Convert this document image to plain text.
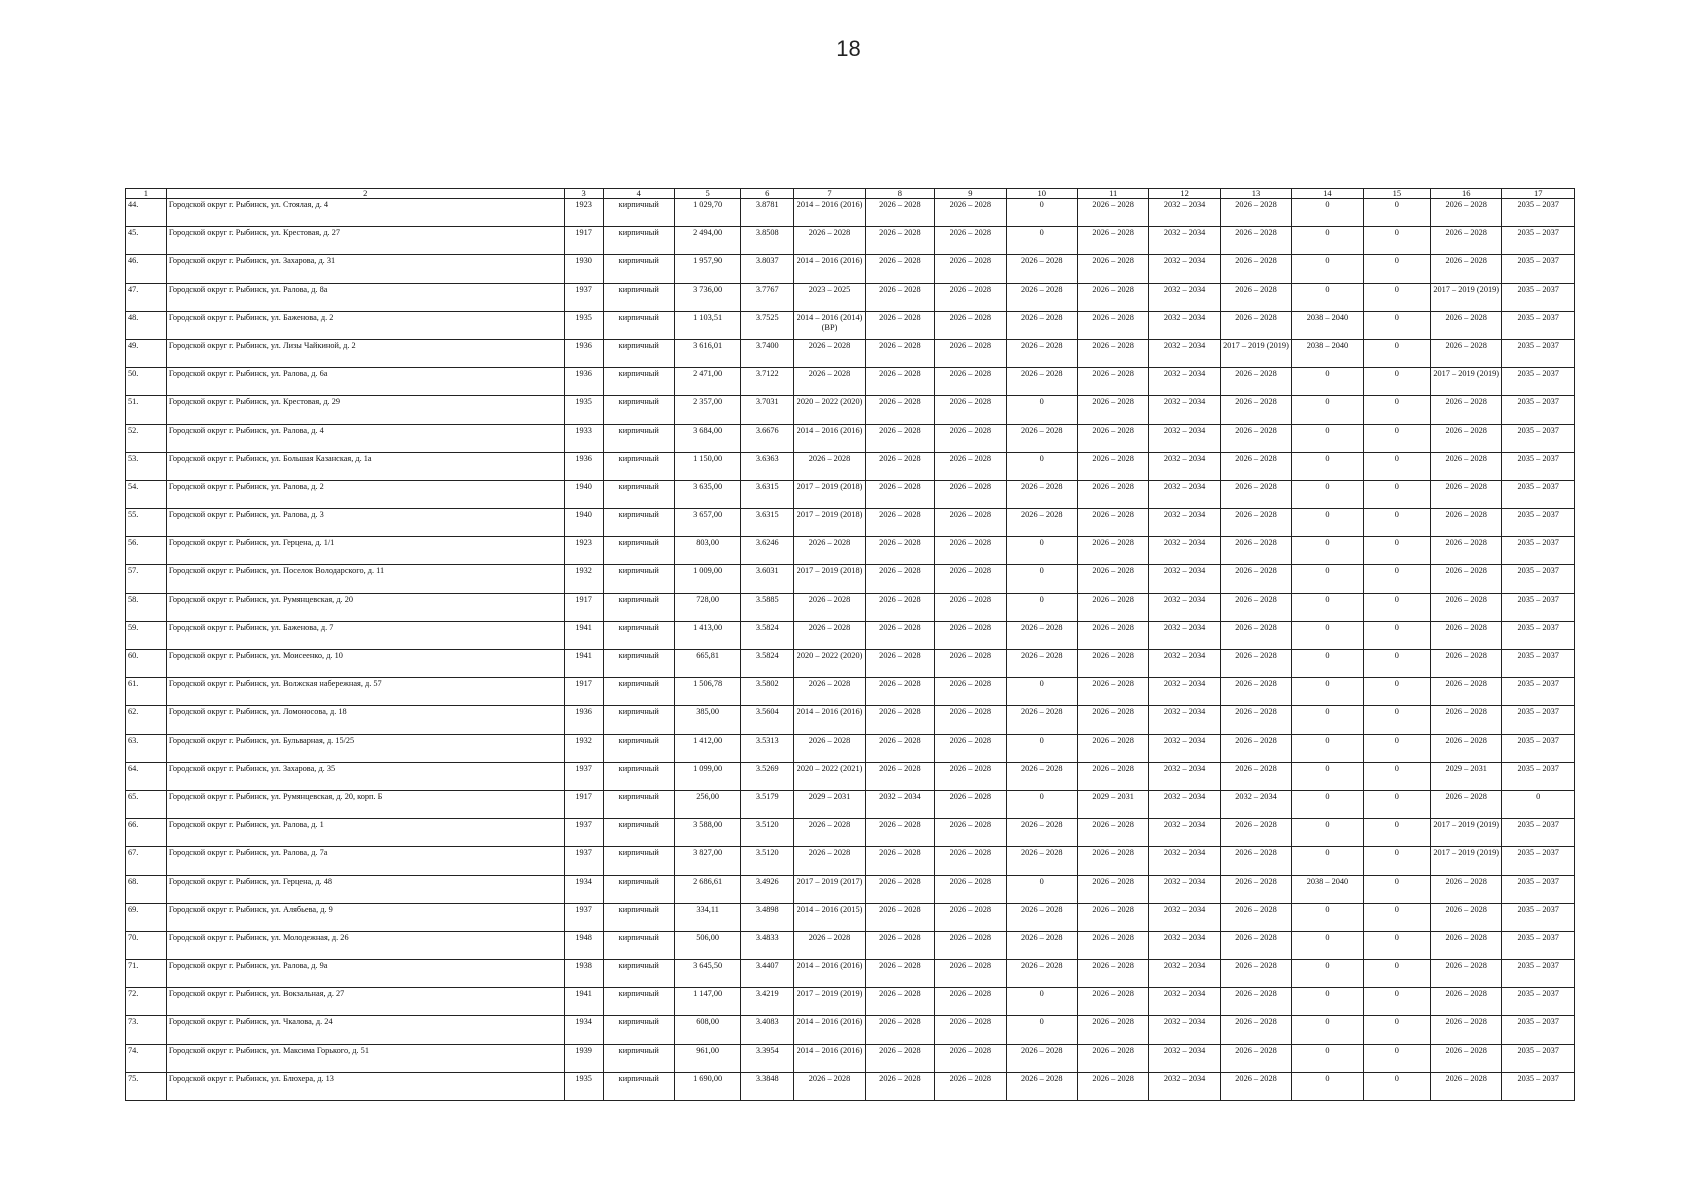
18
1	2	3	4	5	6	7	8	9	10	11	12	13	14	15	16	17
44.	Городской округ г. Рыбинск, ул. Стоялая, д. 4	1923	кирпичный	1 029,70	3.8781	2014 – 2016 (2016)	2026 – 2028	2026 – 2028	0	2026 – 2028	2032 – 2034	2026 – 2028	0	0	2026 – 2028	2035 – 2037
45.	Городской округ г. Рыбинск, ул. Крестовая, д. 27	1917	кирпичный	2 494,00	3.8508	2026 – 2028	2026 – 2028	2026 – 2028	0	2026 – 2028	2032 – 2034	2026 – 2028	0	0	2026 – 2028	2035 – 2037
46.	Городской округ г. Рыбинск, ул. Захарова, д. 31	1930	кирпичный	1 957,90	3.8037	2014 – 2016 (2016)	2026 – 2028	2026 – 2028	2026 – 2028	2026 – 2028	2032 – 2034	2026 – 2028	0	0	2026 – 2028	2035 – 2037
47.	Городской округ г. Рыбинск, ул. Ралова, д. 8а	1937	кирпичный	3 736,00	3.7767	2023 – 2025	2026 – 2028	2026 – 2028	2026 – 2028	2026 – 2028	2032 – 2034	2026 – 2028	0	0	2017 – 2019 (2019)	2035 – 2037
48.	Городской округ г. Рыбинск, ул. Баженова, д. 2	1935	кирпичный	1 103,51	3.7525	2014 – 2016 (2014) (ВР)	2026 – 2028	2026 – 2028	2026 – 2028	2026 – 2028	2032 – 2034	2026 – 2028	2038 – 2040	0	2026 – 2028	2035 – 2037
49.	Городской округ г. Рыбинск, ул. Лизы Чайкиной, д. 2	1936	кирпичный	3 616,01	3.7400	2026 – 2028	2026 – 2028	2026 – 2028	2026 – 2028	2026 – 2028	2032 – 2034	2017 – 2019 (2019)	2038 – 2040	0	2026 – 2028	2035 – 2037
50.	Городской округ г. Рыбинск, ул. Ралова, д. 6а	1936	кирпичный	2 471,00	3.7122	2026 – 2028	2026 – 2028	2026 – 2028	2026 – 2028	2026 – 2028	2032 – 2034	2026 – 2028	0	0	2017 – 2019 (2019)	2035 – 2037
51.	Городской округ г. Рыбинск, ул. Крестовая, д. 29	1935	кирпичный	2 357,00	3.7031	2020 – 2022 (2020)	2026 – 2028	2026 – 2028	0	2026 – 2028	2032 – 2034	2026 – 2028	0	0	2026 – 2028	2035 – 2037
52.	Городской округ г. Рыбинск, ул. Ралова, д. 4	1933	кирпичный	3 684,00	3.6676	2014 – 2016 (2016)	2026 – 2028	2026 – 2028	2026 – 2028	2026 – 2028	2032 – 2034	2026 – 2028	0	0	2026 – 2028	2035 – 2037
53.	Городской округ г. Рыбинск, ул. Большая Казанская, д. 1а	1936	кирпичный	1 150,00	3.6363	2026 – 2028	2026 – 2028	2026 – 2028	0	2026 – 2028	2032 – 2034	2026 – 2028	0	0	2026 – 2028	2035 – 2037
54.	Городской округ г. Рыбинск, ул. Ралова, д. 2	1940	кирпичный	3 635,00	3.6315	2017 – 2019 (2018)	2026 – 2028	2026 – 2028	2026 – 2028	2026 – 2028	2032 – 2034	2026 – 2028	0	0	2026 – 2028	2035 – 2037
55.	Городской округ г. Рыбинск, ул. Ралова, д. 3	1940	кирпичный	3 657,00	3.6315	2017 – 2019 (2018)	2026 – 2028	2026 – 2028	2026 – 2028	2026 – 2028	2032 – 2034	2026 – 2028	0	0	2026 – 2028	2035 – 2037
56.	Городской округ г. Рыбинск, ул. Герцена, д. 1/1	1923	кирпичный	803,00	3.6246	2026 – 2028	2026 – 2028	2026 – 2028	0	2026 – 2028	2032 – 2034	2026 – 2028	0	0	2026 – 2028	2035 – 2037
57.	Городской округ г. Рыбинск, ул. Поселок Володарского, д. 11	1932	кирпичный	1 009,00	3.6031	2017 – 2019 (2018)	2026 – 2028	2026 – 2028	0	2026 – 2028	2032 – 2034	2026 – 2028	0	0	2026 – 2028	2035 – 2037
58.	Городской округ г. Рыбинск, ул. Румянцевская, д. 20	1917	кирпичный	728,00	3.5885	2026 – 2028	2026 – 2028	2026 – 2028	0	2026 – 2028	2032 – 2034	2026 – 2028	0	0	2026 – 2028	2035 – 2037
59.	Городской округ г. Рыбинск, ул. Баженова, д. 7	1941	кирпичный	1 413,00	3.5824	2026 – 2028	2026 – 2028	2026 – 2028	2026 – 2028	2026 – 2028	2032 – 2034	2026 – 2028	0	0	2026 – 2028	2035 – 2037
60.	Городской округ г. Рыбинск, ул. Моисеенко, д. 10	1941	кирпичный	665,81	3.5824	2020 – 2022 (2020)	2026 – 2028	2026 – 2028	2026 – 2028	2026 – 2028	2032 – 2034	2026 – 2028	0	0	2026 – 2028	2035 – 2037
61.	Городской округ г. Рыбинск, ул. Волжская набережная, д. 57	1917	кирпичный	1 506,78	3.5802	2026 – 2028	2026 – 2028	2026 – 2028	0	2026 – 2028	2032 – 2034	2026 – 2028	0	0	2026 – 2028	2035 – 2037
62.	Городской округ г. Рыбинск, ул. Ломоносова, д. 18	1936	кирпичный	385,00	3.5604	2014 – 2016 (2016)	2026 – 2028	2026 – 2028	2026 – 2028	2026 – 2028	2032 – 2034	2026 – 2028	0	0	2026 – 2028	2035 – 2037
63.	Городской округ г. Рыбинск, ул. Бульварная, д. 15/25	1932	кирпичный	1 412,00	3.5313	2026 – 2028	2026 – 2028	2026 – 2028	0	2026 – 2028	2032 – 2034	2026 – 2028	0	0	2026 – 2028	2035 – 2037
64.	Городской округ г. Рыбинск, ул. Захарова, д. 35	1937	кирпичный	1 099,00	3.5269	2020 – 2022 (2021)	2026 – 2028	2026 – 2028	2026 – 2028	2026 – 2028	2032 – 2034	2026 – 2028	0	0	2029 – 2031	2035 – 2037
65.	Городской округ г. Рыбинск, ул. Румянцевская, д. 20, корп. Б	1917	кирпичный	256,00	3.5179	2029 – 2031	2032 – 2034	2026 – 2028	0	2029 – 2031	2032 – 2034	2032 – 2034	0	0	2026 – 2028	0
66.	Городской округ г. Рыбинск, ул. Ралова, д. 1	1937	кирпичный	3 588,00	3.5120	2026 – 2028	2026 – 2028	2026 – 2028	2026 – 2028	2026 – 2028	2032 – 2034	2026 – 2028	0	0	2017 – 2019 (2019)	2035 – 2037
67.	Городской округ г. Рыбинск, ул. Ралова, д. 7а	1937	кирпичный	3 827,00	3.5120	2026 – 2028	2026 – 2028	2026 – 2028	2026 – 2028	2026 – 2028	2032 – 2034	2026 – 2028	0	0	2017 – 2019 (2019)	2035 – 2037
68.	Городской округ г. Рыбинск, ул. Герцена, д. 48	1934	кирпичный	2 686,61	3.4926	2017 – 2019 (2017)	2026 – 2028	2026 – 2028	0	2026 – 2028	2032 – 2034	2026 – 2028	2038 – 2040	0	2026 – 2028	2035 – 2037
69.	Городской округ г. Рыбинск, ул. Алябьева, д. 9	1937	кирпичный	334,11	3.4898	2014 – 2016 (2015)	2026 – 2028	2026 – 2028	2026 – 2028	2026 – 2028	2032 – 2034	2026 – 2028	0	0	2026 – 2028	2035 – 2037
70.	Городской округ г. Рыбинск, ул. Молодежная, д. 26	1948	кирпичный	506,00	3.4833	2026 – 2028	2026 – 2028	2026 – 2028	2026 – 2028	2026 – 2028	2032 – 2034	2026 – 2028	0	0	2026 – 2028	2035 – 2037
71.	Городской округ г. Рыбинск, ул. Ралова, д. 9а	1938	кирпичный	3 645,50	3.4407	2014 – 2016 (2016)	2026 – 2028	2026 – 2028	2026 – 2028	2026 – 2028	2032 – 2034	2026 – 2028	0	0	2026 – 2028	2035 – 2037
72.	Городской округ г. Рыбинск, ул. Вокзальная, д. 27	1941	кирпичный	1 147,00	3.4219	2017 – 2019 (2019)	2026 – 2028	2026 – 2028	0	2026 – 2028	2032 – 2034	2026 – 2028	0	0	2026 – 2028	2035 – 2037
73.	Городской округ г. Рыбинск, ул. Чкалова, д. 24	1934	кирпичный	608,00	3.4083	2014 – 2016 (2016)	2026 – 2028	2026 – 2028	0	2026 – 2028	2032 – 2034	2026 – 2028	0	0	2026 – 2028	2035 – 2037
74.	Городской округ г. Рыбинск, ул. Максима Горького, д. 51	1939	кирпичный	961,00	3.3954	2014 – 2016 (2016)	2026 – 2028	2026 – 2028	2026 – 2028	2026 – 2028	2032 – 2034	2026 – 2028	0	0	2026 – 2028	2035 – 2037
75.	Городской округ г. Рыбинск, ул. Блюхера, д. 13	1935	кирпичный	1 690,00	3.3848	2026 – 2028	2026 – 2028	2026 – 2028	2026 – 2028	2026 – 2028	2032 – 2034	2026 – 2028	0	0	2026 – 2028	2035 – 2037
